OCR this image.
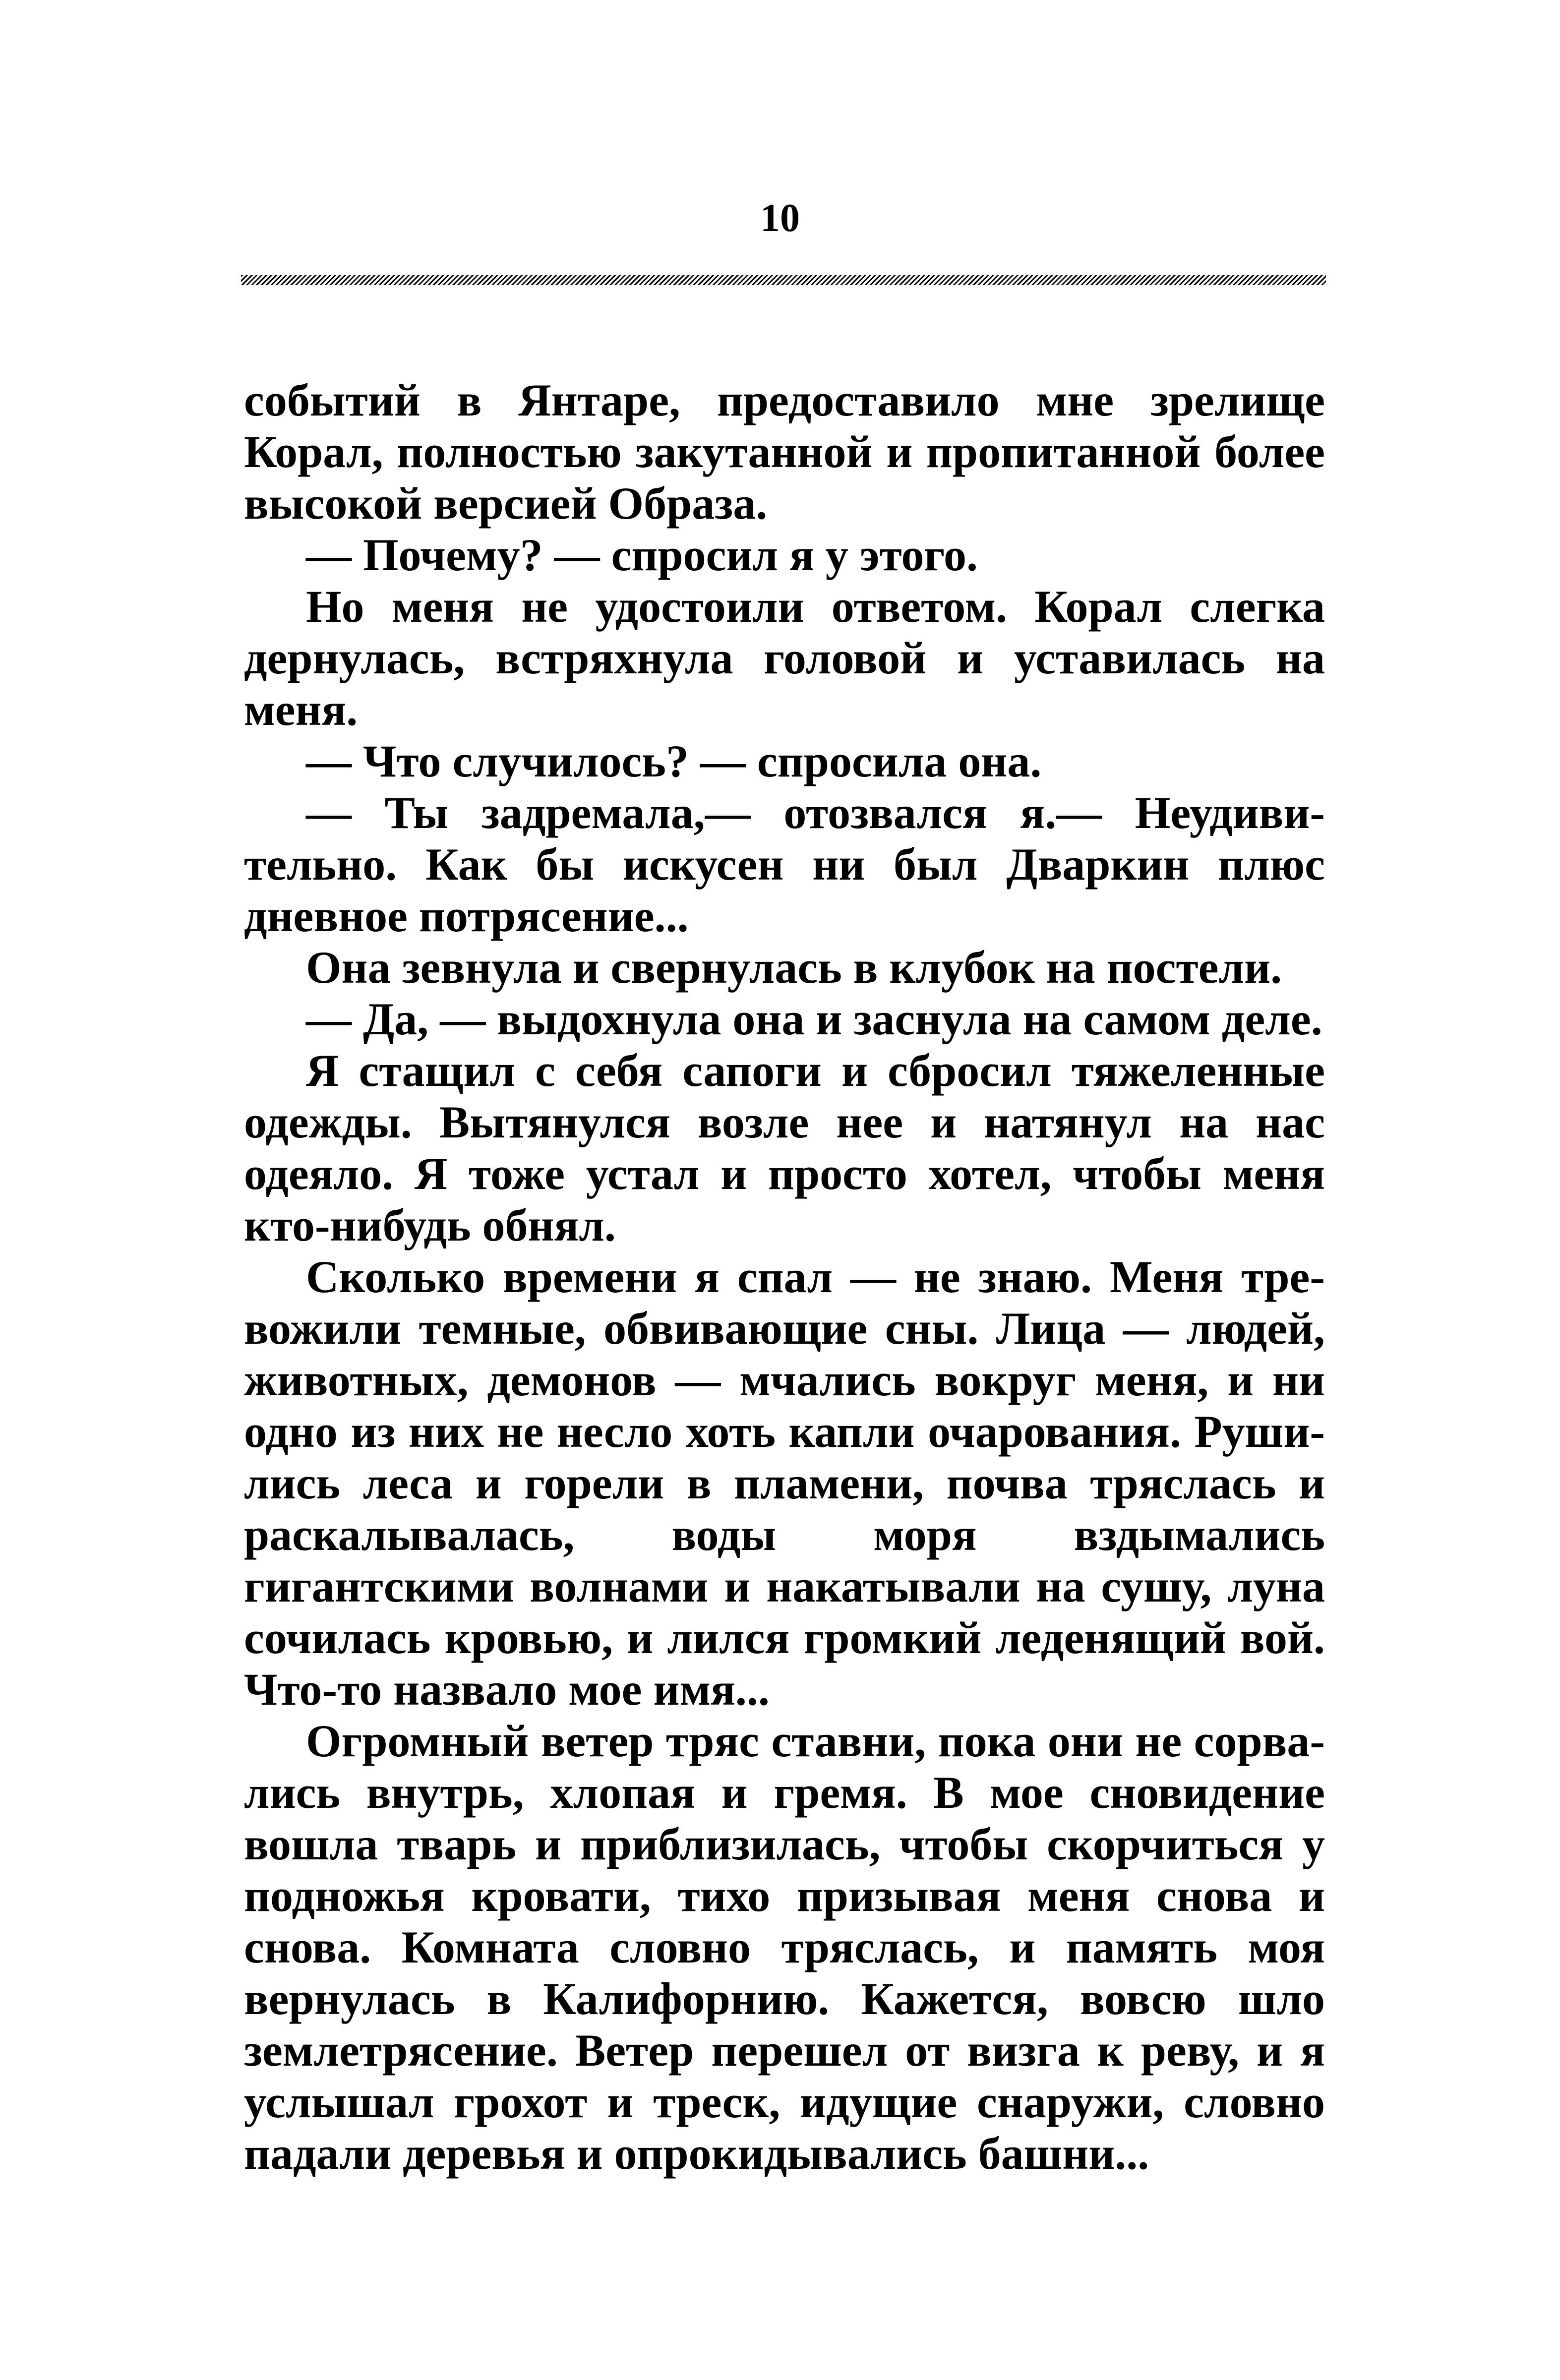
10

событий в Янтаре, предоставило мне зрелище Корал, полностью закутанной и пропитанной более высокой версией Образа.

— Почему? — спросил я у этого.

Но меня не удостоили ответом. Корал слегка дернулась, встряхнула головой и уставилась на меня.

— Что случилось? — спросила она.

— Ты задремала,— отозвался я.— Неудивительно. Как бы искусен ни был Дваркин плюс дневное потрясение...

Она зевнула и свернулась в клубок на постели.

— Да, — выдохнула она и заснула на самом деле.

Я стащил с себя сапоги и сбросил тяжеленные одежды. Вытянулся возле нее и натянул на нас одеяло. Я тоже устал и просто хотел, чтобы меня кто-нибудь обнял.

Сколько времени я спал — не знаю. Меня тревожили темные, обвивающие сны. Лица — людей, животных, демонов — мчались вокруг меня, и ни одно из них не несло хоть капли очарования. Рушились леса и горели в пламени, почва тряслась и раскалывалась, воды моря вздымались гигантскими волнами и накатывали на сушу, луна сочилась кровью, и лился громкий леденящий вой. Что-то назвало мое имя...

Огромный ветер тряс ставни, пока они не сорвались внутрь, хлопая и гремя. В мое сновидение вошла тварь и приблизилась, чтобы скорчиться у подножья кровати, тихо призывая меня снова и снова. Комната словно тряслась, и память моя вернулась в Калифорнию. Кажется, вовсю шло землетрясение. Ветер перешел от визга к реву, и я услышал грохот и треск, идущие снаружи, словно падали деревья и опрокидывались башни...
